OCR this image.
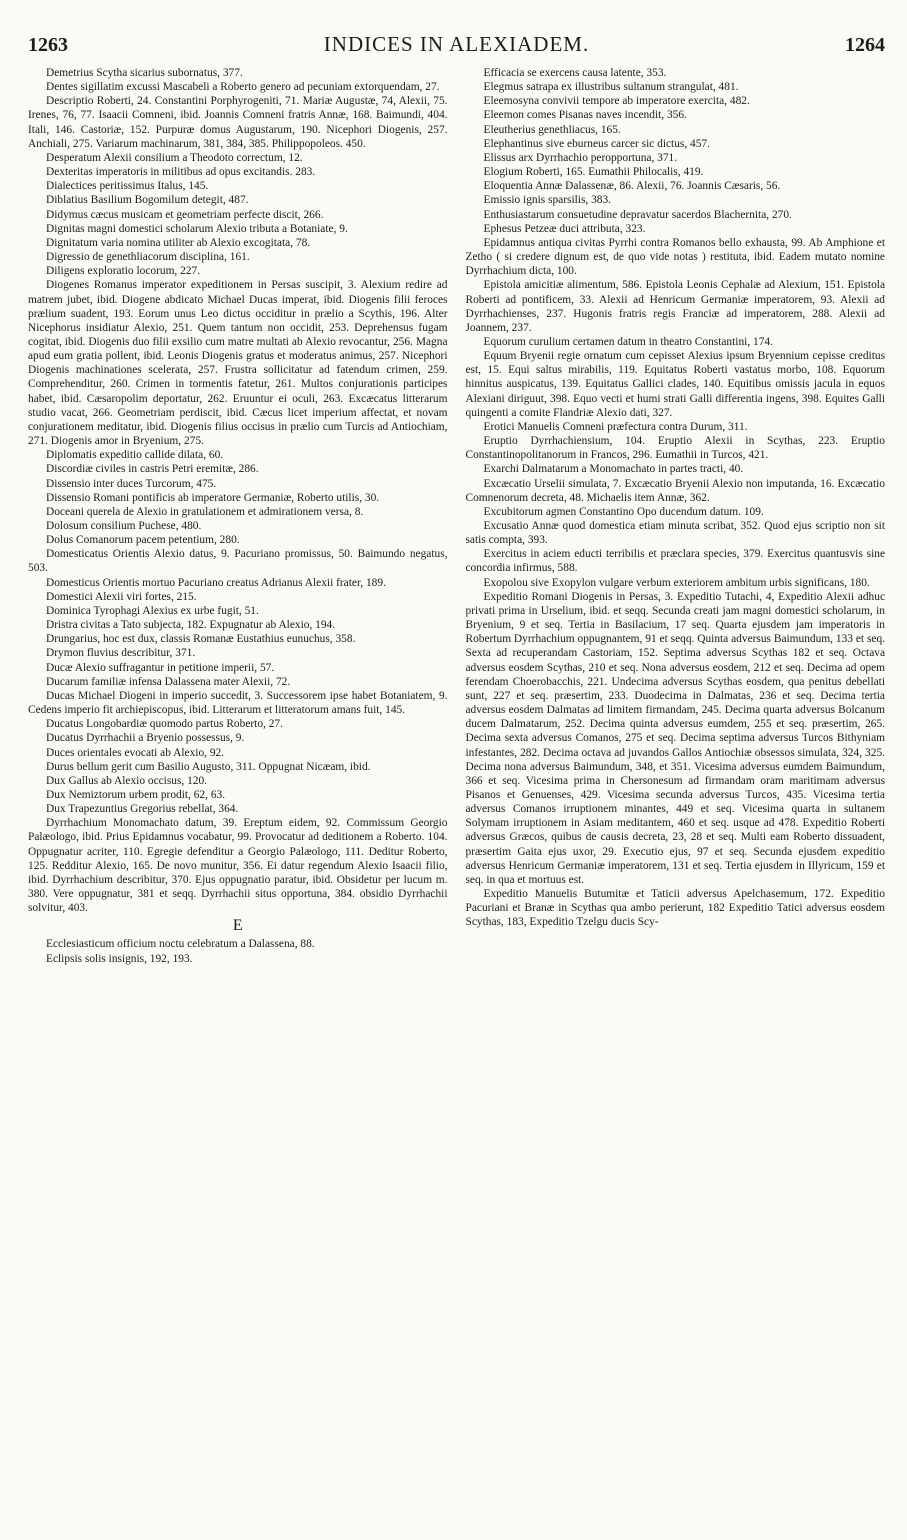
1263	INDICES IN ALEXIADEM.	1264

Demetrius Scytha sicarius subornatus, 377.

Dentes sigillatim excussi Mascabeli a Roberto genero ad pecuniam extorquendam, 27.

Descriptio Roberti, 24. Constantini Porphyrogeniti, 71. Mariæ Augustæ, 74, Alexii, 75. Irenes, 76, 77. Isaacii Comneni, ibid. Joannis Comneni fratris Annæ, 168. Baimundi, 404. Itali, 146. Castoriæ, 152. Purpuræ domus Augustarum, 190. Nicephori Diogenis, 257. Anchiali, 275. Variarum machinarum, 381, 384, 385. Philippopoleos. 450.

Desperatum Alexii consilium a Theodoto correctum, 12.

Dexteritas imperatoris in militibus ad opus excitandis. 283.

Dialectices peritissimus Italus, 145.

Diblatius Basilium Bogomilum detegit, 487.

Didymus cæcus musicam et geometriam perfecte discit, 266.

Dignitas magni domestici scholarum Alexio tributa a Botaniate, 9.

Dignitatum varia nomina utiliter ab Alexio excogitata, 78.

Digressio de genethliacorum disciplina, 161.

Diligens exploratio locorum, 227.

Diogenes Romanus imperator expeditionem in Persas suscipit, 3. Alexium redire ad matrem jubet, ibid. Diogene abdicato Michael Ducas imperat, ibid. Diogenis filii feroces prælium suadent, 193. Eorum unus Leo dictus occiditur in prælio a Scythis, 196. Alter Nicephorus insidiatur Alexio, 251. Quem tantum non occidit, 253. Deprehensus fugam cogitat, ibid. Diogenis duo filii exsilio cum matre multati ab Alexio revocantur, 256. Magna apud eum gratia pollent, ibid. Leonis Diogenis gratus et moderatus animus, 257. Nicephori Diogenis machinationes scelerata, 257. Frustra sollicitatur ad fatendum crimen, 259. Comprehenditur, 260. Crimen in tormentis fatetur, 261. Multos conjurationis participes habet, ibid. Cæsaropolim deportatur, 262. Eruuntur ei oculi, 263. Excæcatus litterarum studio vacat, 266. Geometriam perdiscit, ibid. Cæcus licet imperium affectat, et novam conjurationem meditatur, ibid. Diogenis filius occisus in prælio cum Turcis ad Antiochiam, 271. Diogenis amor in Bryenium, 275.

Diplomatis expeditio callide dilata, 60.

Discordiæ civiles in castris Petri eremitæ, 286.

Dissensio inter duces Turcorum, 475.

Dissensio Romani pontificis ab imperatore Germaniæ, Roberto utilis, 30.

Doceani querela de Alexio in gratulationem et admirationem versa, 8.

Dolosum consilium Puchese, 480.

Dolus Comanorum pacem petentium, 280.

Domesticatus Orientis Alexio datus, 9. Pacuriano promissus, 50. Baimundo negatus, 503.

Domesticus Orientis mortuo Pacuriano creatus Adrianus Alexii frater, 189.

Domestici Alexii viri fortes, 215.

Dominica Tyrophagi Alexius ex urbe fugit, 51.

Dristra civitas a Tato subjecta, 182. Expugnatur ab Alexio, 194.

Drungarius, hoc est dux, classis Romanæ Eustathius eunuchus, 358.

Drymon fluvius describitur, 371.

Ducæ Alexio suffragantur in petitione imperii, 57.

Ducarum familiæ infensa Dalassena mater Alexii, 72.

Ducas Michael Diogeni in imperio succedit, 3. Successorem ipse habet Botaniatem, 9. Cedens imperio fit archiepiscopus, ibid. Litterarum et litteratorum amans fuit, 145.

Ducatus Longobardiæ quomodo partus Roberto, 27.

Ducatus Dyrrhachii a Bryenio possessus, 9.

Duces orientales evocati ab Alexio, 92.

Durus bellum gerit cum Basilio Augusto, 311. Oppugnat Nicæam, ibid.

Dux Gallus ab Alexio occisus, 120.

Dux Nemiztorum urbem prodit, 62, 63.

Dux Trapezuntius Gregorius rebellat, 364.

Dyrrhachium Monomachato datum, 39. Ereptum eidem, 92. Commissum Georgio Palæologo, ibid. Prius Epidamnus vocabatur, 99. Provocatur ad deditionem a Roberto. 104. Oppugnatur acriter, 110. Egregie defenditur a Georgio Palæologo, 111. Deditur Roberto, 125. Redditur Alexio, 165. De novo munitur, 356. Ei datur regendum Alexio Isaacii filio, ibid. Dyrrhachium describitur, 370. Ejus oppugnatio paratur, ibid. Obsidetur per lucum m. 380. Vere oppugnatur, 381 et seqq. Dyrrhachii situs opportuna, 384. obsidio Dyrrhachii solvitur, 403.

E

Ecclesiasticum officium noctu celebratum a Dalassena, 88.

Eclipsis solis insignis, 192, 193.

Efficacia se exercens causa latente, 353.

Elegmus satrapa ex illustribus sultanum strangulat, 481.

Eleemosyna convivii tempore ab imperatore exercita, 482.

Eleemon comes Pisanas naves incendit, 356.

Eleutherius genethliacus, 165.

Elephantinus sive eburneus carcer sic dictus, 457.

Elissus arx Dyrrhachio peropportuna, 371.

Elogium Roberti, 165. Eumathii Philocalis, 419.

Eloquentia Annæ Dalassenæ, 86. Alexii, 76. Joannis Cæsaris, 56.

Emissio ignis sparsilis, 383.

Enthusiastarum consuetudine depravatur sacerdos Blachernita, 270.

Ephesus Petzeæ duci attributa, 323.

Epidamnus antiqua civitas Pyrrhi contra Romanos bello exhausta, 99. Ab Amphione et Zetho ( si credere dignum est, de quo vide notas ) restituta, ibid. Eadem mutato nomine Dyrrhachium dicta, 100.

Epistola amicitiæ alimentum, 586. Epistola Leonis Cephalæ ad Alexium, 151. Epistola Roberti ad pontificem, 33. Alexii ad Henricum Germaniæ imperatorem, 93. Alexii ad Dyrrhachienses, 237. Hugonis fratris regis Franciæ ad imperatorem, 288. Alexii ad Joannem, 237.

Equorum curulium certamen datum in theatro Constantini, 174.

Equum Bryenii regie ornatum cum cepisset Alexius ipsum Bryennium cepisse creditus est, 15. Equi saltus mirabilis, 119. Equitatus Roberti vastatus morbo, 108. Equorum hinnitus auspicatus, 139. Equitatus Gallici clades, 140. Equitibus omissis jacula in equos Alexiani diriguut, 398. Equo vecti et humi strati Galli differentia ingens, 398. Equites Galli quingenti a comite Flandriæ Alexio dati, 327.

Erotici Manuelis Comneni præfectura contra Durum, 311.

Eruptio Dyrrhachiensium, 104. Eruptio Alexii in Scythas, 223. Eruptio Constantinopolitanorum in Francos, 296. Eumathii in Turcos, 421.

Exarchi Dalmatarum a Monomachato in partes tracti, 40.

Excæcatio Urselii simulata, 7. Excæcatio Bryenii Alexio non imputanda, 16. Excæcatio Comnenorum decreta, 48. Michaelis item Annæ, 362.

Excubitorum agmen Constantino Opo ducendum datum. 109.

Excusatio Annæ quod domestica etiam minuta scribat, 352. Quod ejus scriptio non sit satis compta, 393.

Exercitus in aciem educti terribilis et præclara species, 379. Exercitus quantusvis sine concordia infirmus, 588.

Exopolou sive Exopylon vulgare verbum exteriorem ambitum urbis significans, 180.

Expeditio Romani Diogenis in Persas, 3. Expeditio Tutachi, 4, Expeditio Alexii adhuc privati prima in Urselium, ibid. et seqq. Secunda creati jam magni domestici scholarum, in Bryenium, 9 et seq. Tertia in Basilacium, 17 seq. Quarta ejusdem jam imperatoris in Robertum Dyrrhachium oppugnantem, 91 et seqq. Quinta adversus Baimundum, 133 et seq. Sexta ad recuperandam Castoriam, 152. Septima adversus Scythas 182 et seq. Octava adversus eosdem Scythas, 210 et seq. Nona adversus eosdem, 212 et seq. Decima ad opem ferendam Choerobacchis, 221. Undecima adversus Scythas eosdem, qua penitus debellati sunt, 227 et seq. præsertim, 233. Duodecima in Dalmatas, 236 et seq. Decima tertia adversus eosdem Dalmatas ad limitem firmandam, 245. Decima quarta adversus Bolcanum ducem Dalmatarum, 252. Decima quinta adversus eumdem, 255 et seq. præsertim, 265. Decima sexta adversus Comanos, 275 et seq. Decima septima adversus Turcos Bithyniam infestantes, 282. Decima octava ad juvandos Gallos Antiochiæ obsessos simulata, 324, 325. Decima nona adversus Baimundum, 348, et 351. Vicesima adversus eumdem Baimundum, 366 et seq. Vicesima prima in Chersonesum ad firmandam oram maritimam adversus Pisanos et Genuenses, 429. Vicesima secunda adversus Turcos, 435. Vicesima tertia adversus Comanos irruptionem minantes, 449 et seq. Vicesima quarta in sultanem Solymam irruptionem in Asiam meditantem, 460 et seq. usque ad 478. Expeditio Roberti adversus Græcos, quibus de causis decreta, 23, 28 et seq. Multi eam Roberto dissuadent, præsertim Gaita ejus uxor, 29. Executio ejus, 97 et seq. Secunda ejusdem expeditio adversus Henricum Germaniæ imperatorem, 131 et seq. Tertia ejusdem in Illyricum, 159 et seq. in qua et mortuus est.

Expeditio Manuelis Butumitæ et Taticii adversus Apelchasemum, 172. Expeditio Pacuriani et Branæ in Scythas qua ambo perierunt, 182 Expeditio Tatici adversus eosdem Scythas, 183, Expeditio Tzelgu ducis Scy-
